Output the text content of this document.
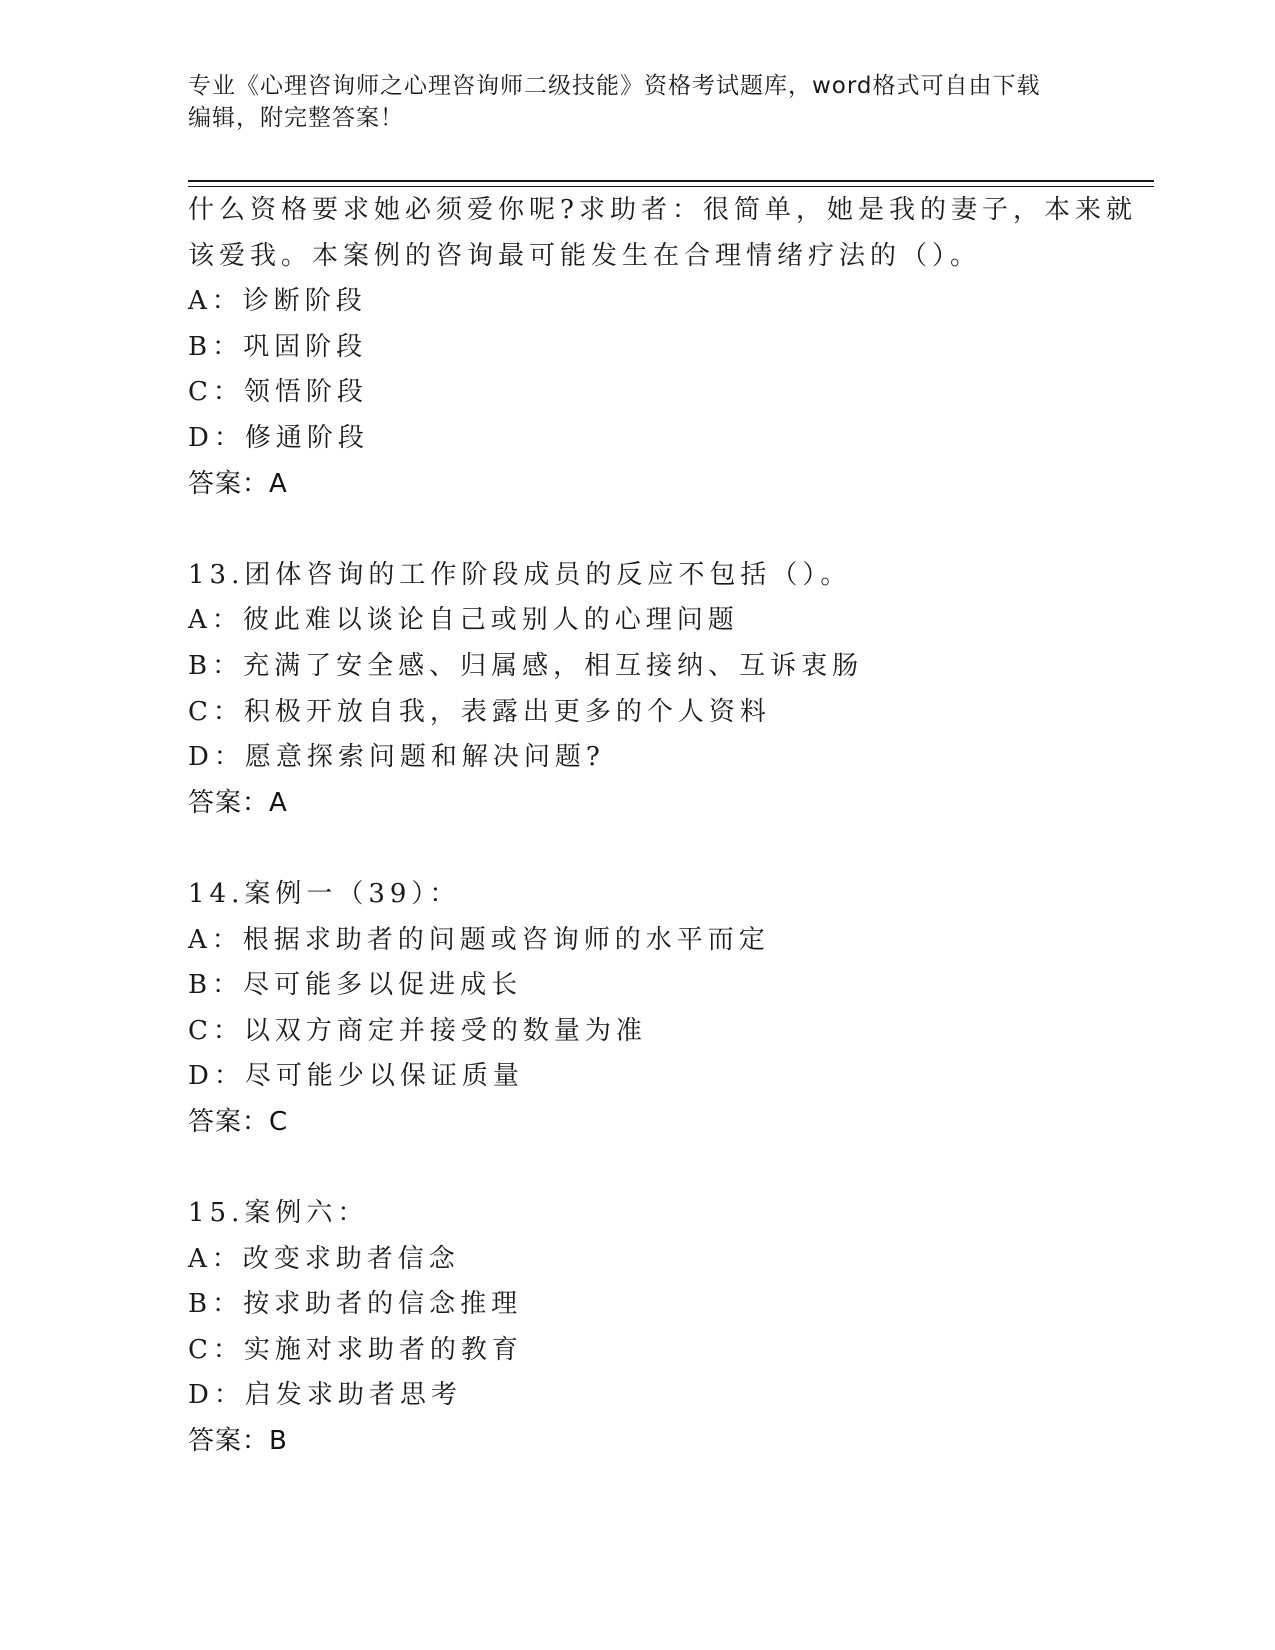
专业《心理咨询师之心理咨询师二级技能》资格考试题库，word格式可自由下载
编辑，附完整答案！
什么资格要求她必须爱你呢?求助者：很简单，她是我的妻子，本来就
该爱我。本案例的咨询最可能发生在合理情绪疗法的（）。
A：诊断阶段
B：巩固阶段
C：领悟阶段
D：修通阶段
答案：A
13.团体咨询的工作阶段成员的反应不包括（）。
A：彼此难以谈论自己或别人的心理问题
B：充满了安全感、归属感，相互接纳、互诉衷肠
C：积极开放自我，表露出更多的个人资料
D：愿意探索问题和解决问题?
答案：A
14.案例一（39）：
A：根据求助者的问题或咨询师的水平而定
B：尽可能多以促进成长
C：以双方商定并接受的数量为准
D：尽可能少以保证质量
答案：C
15.案例六：
A：改变求助者信念
B：按求助者的信念推理
C：实施对求助者的教育
D：启发求助者思考
答案：B
